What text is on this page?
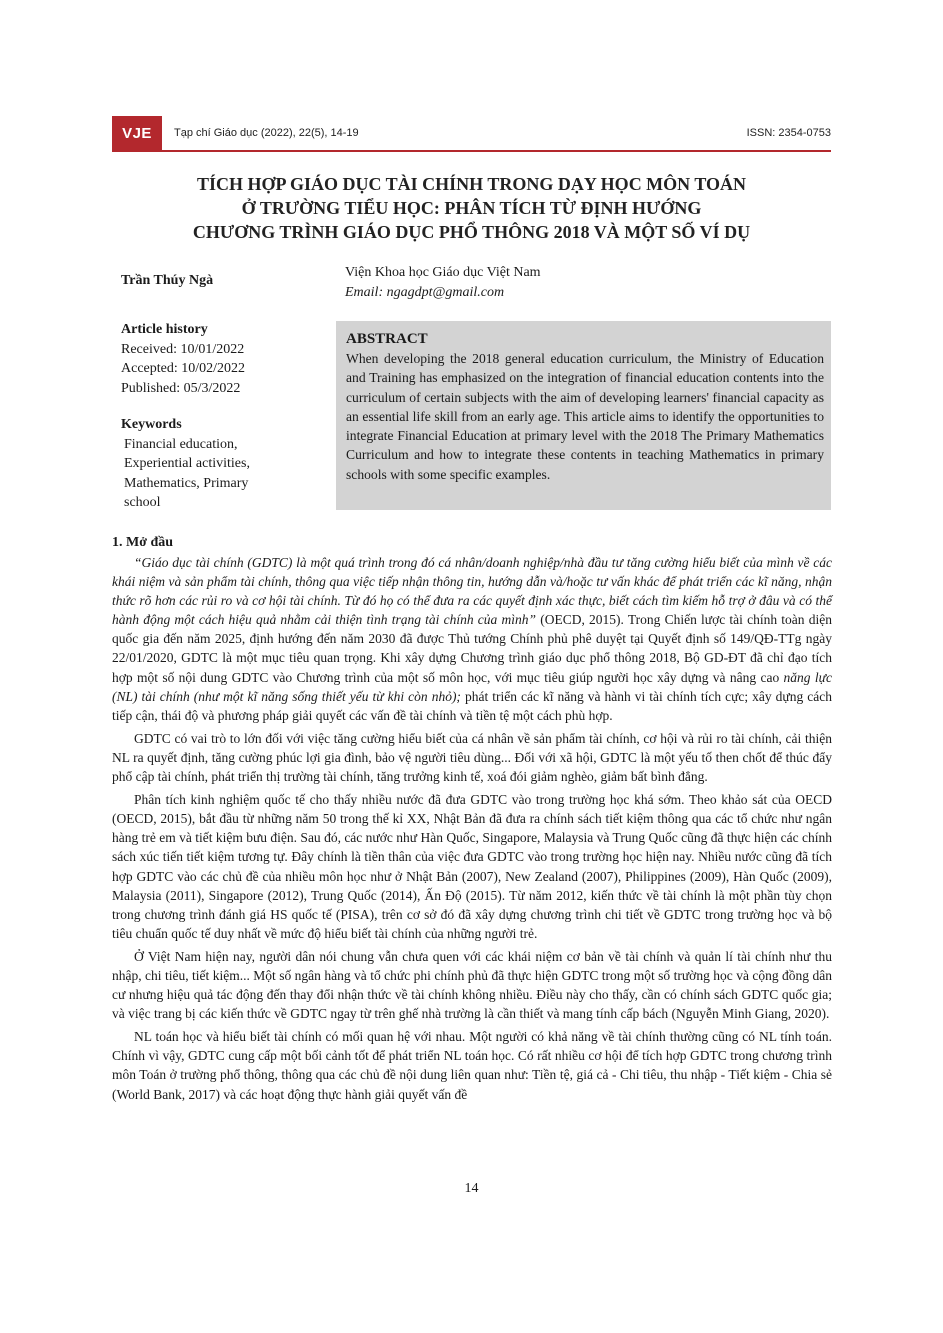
VJE	Tạp chí Giáo dục (2022), 22(5), 14-19	ISSN: 2354-0753
TÍCH HỢP GIÁO DỤC TÀI CHÍNH TRONG DẠY HỌC MÔN TOÁN
Ở TRƯỜNG TIỂU HỌC: PHÂN TÍCH TỪ ĐỊNH HƯỚNG
CHƯƠNG TRÌNH GIÁO DỤC PHỔ THÔNG 2018 VÀ MỘT SỐ VÍ DỤ
Trần Thúy Ngà
Viện Khoa học Giáo dục Việt Nam
Email: ngagdpt@gmail.com
Article history
Received: 10/01/2022
Accepted: 10/02/2022
Published: 05/3/2022
Keywords
Financial education,
Experiential activities,
Mathematics, Primary school
ABSTRACT
When developing the 2018 general education curriculum, the Ministry of Education and Training has emphasized on the integration of financial education contents into the curriculum of certain subjects with the aim of developing learners' financial capacity as an essential life skill from an early age. This article aims to identify the opportunities to integrate Financial Education at primary level with the 2018 The Primary Mathematics Curriculum and how to integrate these contents in teaching Mathematics in primary schools with some specific examples.
1. Mở đầu

“Giáo dục tài chính (GDTC) là một quá trình trong đó cá nhân/doanh nghiệp/nhà đầu tư tăng cường hiểu biết của mình về các khái niệm và sản phẩm tài chính, thông qua việc tiếp nhận thông tin, hướng dẫn và/hoặc tư vấn khác để phát triển các kĩ năng, nhận thức rõ hơn các rủi ro và cơ hội tài chính. Từ đó họ có thể đưa ra các quyết định xác thực, biết cách tìm kiếm hỗ trợ ở đâu và có thể hành động một cách hiệu quả nhằm cải thiện tình trạng tài chính của mình” (OECD, 2015). Trong Chiến lược tài chính toàn diện quốc gia đến năm 2025, định hướng đến năm 2030 đã được Thủ tướng Chính phủ phê duyệt tại Quyết định số 149/QĐ-TTg ngày 22/01/2020, GDTC là một mục tiêu quan trọng. Khi xây dựng Chương trình giáo dục phổ thông 2018, Bộ GD-ĐT đã chỉ đạo tích hợp một số nội dung GDTC vào Chương trình của một số môn học, với mục tiêu giúp người học xây dựng và nâng cao năng lực (NL) tài chính (như một kĩ năng sống thiết yếu từ khi còn nhỏ); phát triển các kĩ năng và hành vi tài chính tích cực; xây dựng cách tiếp cận, thái độ và phương pháp giải quyết các vấn đề tài chính và tiền tệ một cách phù hợp.

GDTC có vai trò to lớn đối với việc tăng cường hiểu biết của cá nhân về sản phẩm tài chính, cơ hội và rủi ro tài chính, cải thiện NL ra quyết định, tăng cường phúc lợi gia đình, bảo vệ người tiêu dùng... Đối với xã hội, GDTC là một yếu tố then chốt để thúc đẩy phổ cập tài chính, phát triển thị trường tài chính, tăng trưởng kinh tế, xoá đói giảm nghèo, giảm bất bình đẳng.

Phân tích kinh nghiệm quốc tế cho thấy nhiều nước đã đưa GDTC vào trong trường học khá sớm. Theo khảo sát của OECD (OECD, 2015), bắt đầu từ những năm 50 trong thế kỉ XX, Nhật Bản đã đưa ra chính sách tiết kiệm thông qua các tổ chức như ngân hàng trẻ em và tiết kiệm bưu điện. Sau đó, các nước như Hàn Quốc, Singapore, Malaysia và Trung Quốc cũng đã thực hiện các chính sách xúc tiến tiết kiệm tương tự. Đây chính là tiền thân của việc đưa GDTC vào trong trường học hiện nay. Nhiều nước cũng đã tích hợp GDTC vào các chủ đề của nhiều môn học như ở Nhật Bản (2007), New Zealand (2007), Philippines (2009), Hàn Quốc (2009), Malaysia (2011), Singapore (2012), Trung Quốc (2014), Ấn Độ (2015). Từ năm 2012, kiến thức về tài chính là một phần tùy chọn trong chương trình đánh giá HS quốc tế (PISA), trên cơ sở đó đã xây dựng chương trình chi tiết về GDTC trong trường học và bộ tiêu chuẩn quốc tế duy nhất về mức độ hiểu biết tài chính của những người trẻ.

Ở Việt Nam hiện nay, người dân nói chung vẫn chưa quen với các khái niệm cơ bản về tài chính và quản lí tài chính như thu nhập, chi tiêu, tiết kiệm... Một số ngân hàng và tổ chức phi chính phủ đã thực hiện GDTC trong một số trường học và cộng đồng dân cư nhưng hiệu quả tác động đến thay đổi nhận thức về tài chính không nhiều. Điều này cho thấy, cần có chính sách GDTC quốc gia; và việc trang bị các kiến thức về GDTC ngay từ trên ghế nhà trường là cần thiết và mang tính cấp bách (Nguyễn Minh Giang, 2020).

NL toán học và hiểu biết tài chính có mối quan hệ với nhau. Một người có khả năng về tài chính thường cũng có NL tính toán. Chính vì vậy, GDTC cung cấp một bối cảnh tốt để phát triển NL toán học. Có rất nhiều cơ hội để tích hợp GDTC trong chương trình môn Toán ở trường phổ thông, thông qua các chủ đề nội dung liên quan như: Tiền tệ, giá cả - Chi tiêu, thu nhập - Tiết kiệm - Chia sẻ (World Bank, 2017) và các hoạt động thực hành giải quyết vấn đề

14
